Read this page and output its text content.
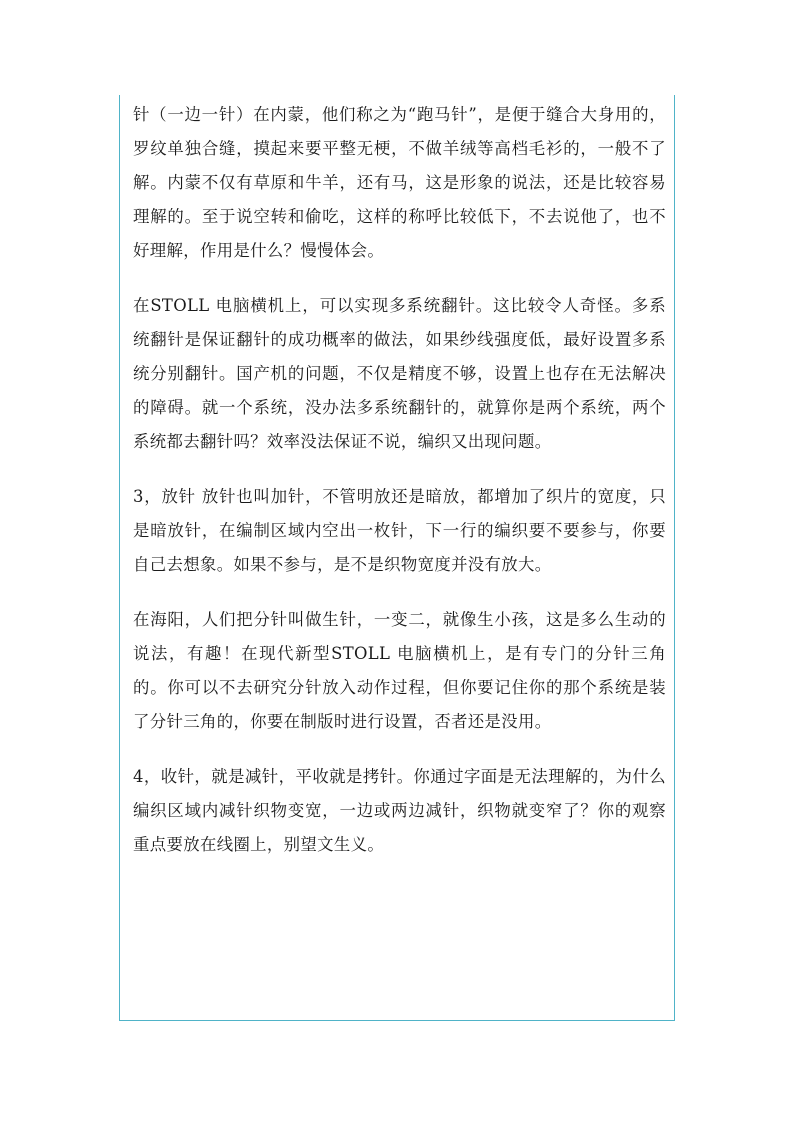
针（一边一针）在内蒙，他们称之为“跑马针”，是便于缝合大身用的，罗纹单独合缝，摸起来要平整无梗，不做羊绒等高档毛衫的，一般不了解。内蒙不仅有草原和牛羊，还有马，这是形象的说法，还是比较容易理解的。至于说空转和偷吃，这样的称呼比较低下，不去说他了，也不好理解，作用是什么？慢慢体会。

在STOLL 电脑横机上，可以实现多系统翻针。这比较令人奇怪。多系统翻针是保证翻针的成功概率的做法，如果纱线强度低，最好设置多系统分别翻针。国产机的问题，不仅是精度不够，设置上也存在无法解决的障碍。就一个系统，没办法多系统翻针的，就算你是两个系统，两个系统都去翻针吗？效率没法保证不说，编织又出现问题。

3，放针 放针也叫加针，不管明放还是暗放，都增加了织片的宽度，只是暗放针，在编制区域内空出一枚针，下一行的编织要不要参与，你要自己去想象。如果不参与，是不是织物宽度并没有放大。

在海阳，人们把分针叫做生针，一变二，就像生小孩，这是多么生动的说法，有趣！在现代新型STOLL 电脑横机上，是有专门的分针三角的。你可以不去研究分针放入动作过程，但你要记住你的那个系统是装了分针三角的，你要在制版时进行设置，否者还是没用。

4，收针，就是减针，平收就是拷针。你通过字面是无法理解的，为什么编织区域内减针织物变宽，一边或两边减针，织物就变窄了？你的观察重点要放在线圈上，别望文生义。
